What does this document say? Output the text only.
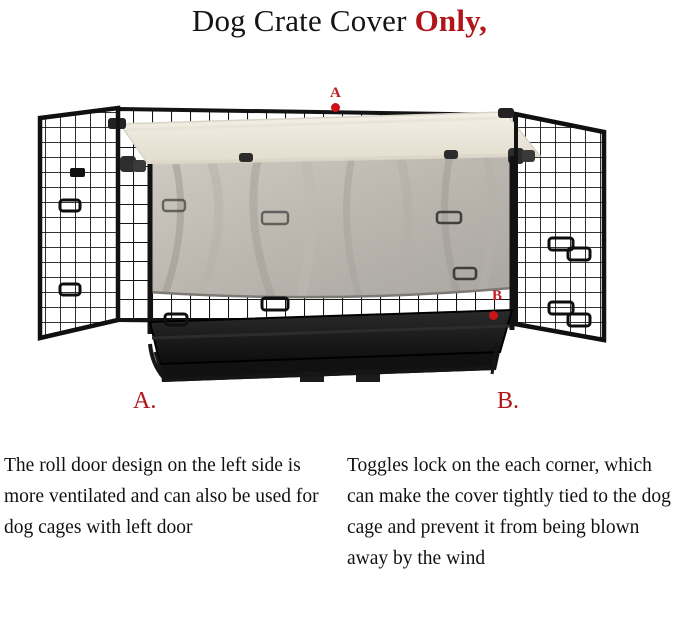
Dog Crate Cover Only,
A
B
A.	B.
The roll door design on the left side is more ventilated and can also be used for dog cages with left door
Toggles lock on the each corner, which can make the cover tightly tied to the dog cage and prevent it from being blown away by the wind
